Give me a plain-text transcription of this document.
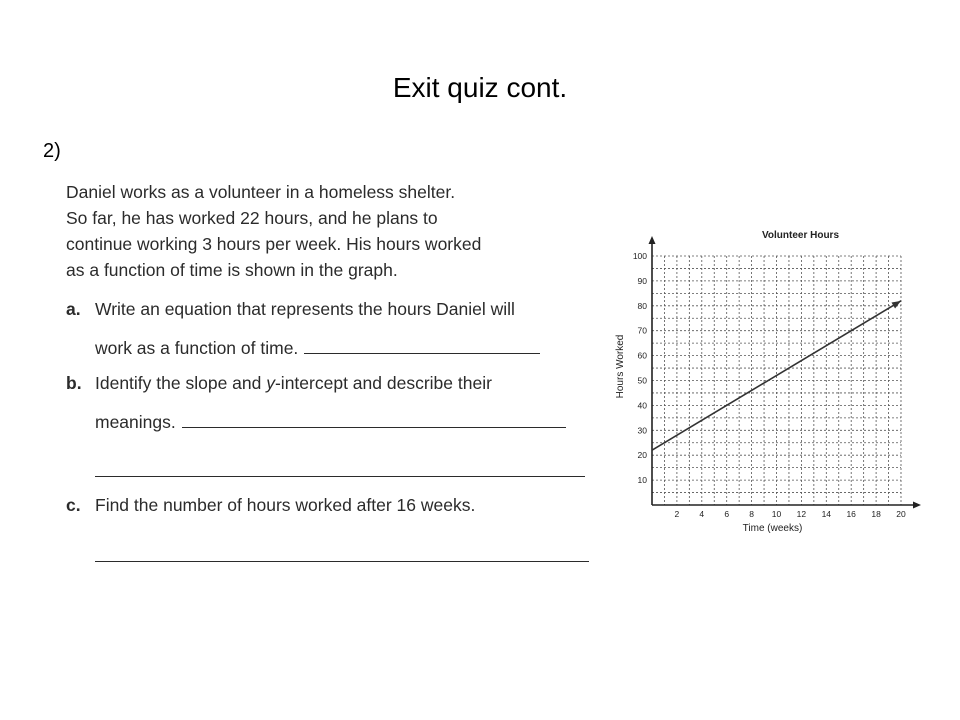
Exit quiz cont.
2)
Daniel works as a volunteer in a homeless shelter.
So far, he has worked 22 hours, and he plans to
continue working 3 hours per week. His hours worked
as a function of time is shown in the graph.
a. Write an equation that represents the hours Daniel will
work as a function of time.
b. Identify the slope and y-intercept and describe their
meanings.
c. Find the number of hours worked after 16 weeks.	2 4 6 8 10 12 14 16 18 20
10
20
30
40
50
60
70
80
90
100
Volunteer Hours
Time (weeks)
Hours Worked
